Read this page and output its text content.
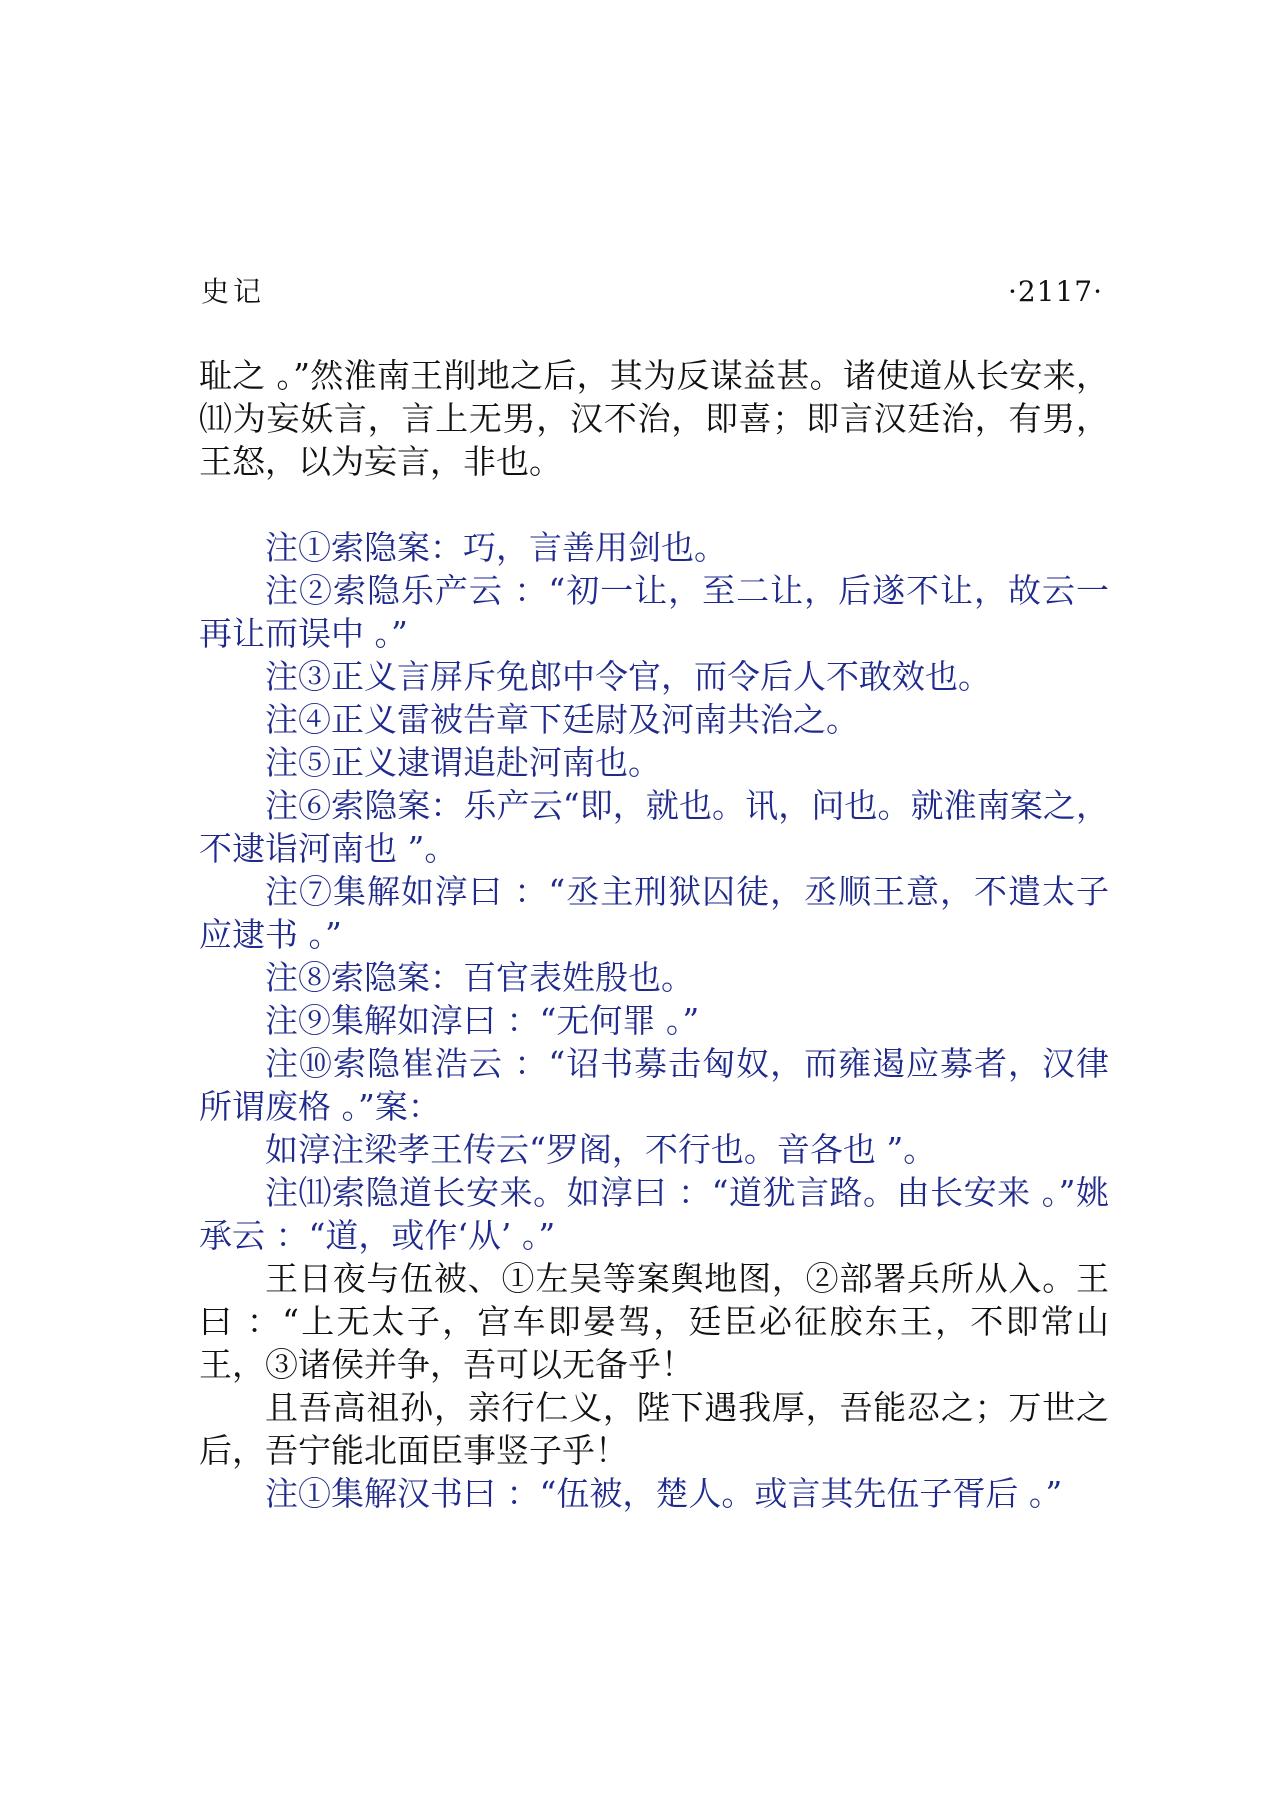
史记	·2117·

耻之 。”然淮南王削地之后，其为反谋益甚。诸使道从长安来，⑾为妄妖言，言上无男，汉不治，即喜；即言汉廷治，有男，王怒，以为妄言，非也。

注①索隐案：巧，言善用剑也。

注②索隐乐产云 ：“初一让，至二让，后遂不让，故云一再让而误中 。”

注③正义言屏斥免郎中令官，而令后人不敢效也。

注④正义雷被告章下廷尉及河南共治之。

注⑤正义逮谓追赴河南也。

注⑥索隐案：乐产云“即，就也。讯，问也。就淮南案之，不逮诣河南也 ”。

注⑦集解如淳曰 ：“丞主刑狱囚徒，丞顺王意，不遣太子应逮书 。”

注⑧索隐案：百官表姓殷也。

注⑨集解如淳曰 ：“无何罪 。”

注⑩索隐崔浩云 ：“诏书募击匈奴，而雍遏应募者，汉律所谓废格 。”案：

如淳注梁孝王传云“罗阁，不行也。音各也 ”。

注⑾索隐道长安来。如淳曰 ：“道犹言路。由长安来 。”姚承云 ：“道，或作‘从’ 。”

王日夜与伍被、①左吴等案舆地图，②部署兵所从入。王曰 ：“上无太子，宫车即晏驾，廷臣必征胶东王，不即常山王，③诸侯并争，吾可以无备乎！

且吾高祖孙，亲行仁义，陛下遇我厚，吾能忍之；万世之后，吾宁能北面臣事竖子乎！

注①集解汉书曰 ：“伍被，楚人。或言其先伍子胥后 。”
